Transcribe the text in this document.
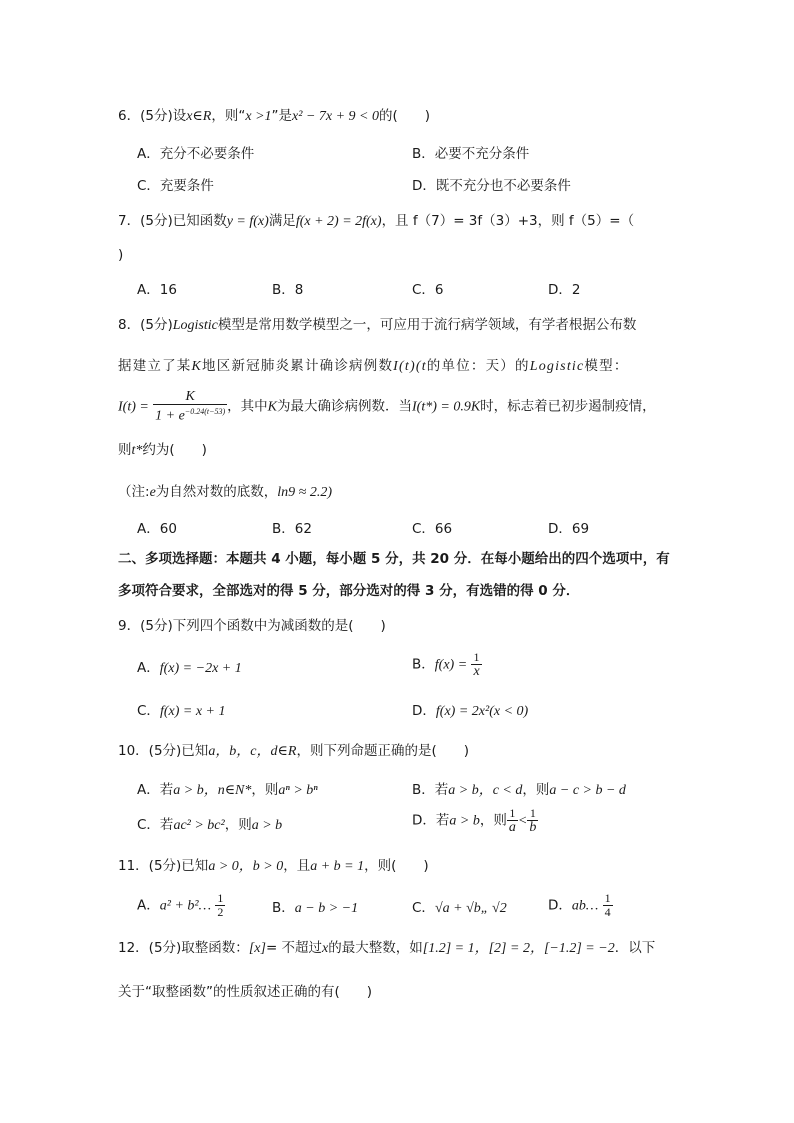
6．(5分)设x∈R，则“x >1”是x² − 7x + 9 < 0的(　　)
A．充分不必要条件	B．必要不充分条件
C．充要条件	D．既不充分也不必要条件
7．(5分)已知函数y = f(x)满足f(x + 2) = 2f(x)，且 f（7）= 3f（3）+3，则 f（5）=（
)
A．16	B．8	C．6	D．2
8．(5分)Logistic模型是常用数学模型之一，可应用于流行病学领域，有学者根据公布数
据建立了某K地区新冠肺炎累计确诊病例数I(t)(t的单位：天）的Logistic模型：
$I(t) = \frac{K}{1 + e^{-0.24(t-53)}}$ ，其中K为最大确诊病例数．当I(t*) = 0.9K时，标志着已初步遏制疫情，
则t*约为(　　)
（注:e为自然对数的底数，ln9 ≈ 2.2)
A．60	B．62	C．66	D．69
二、多项选择题：本题共 4 小题，每小题 5 分，共 20 分．在每小题给出的四个选项中，有
多项符合要求，全部选对的得 5 分，部分选对的得 3 分，有选错的得 0 分．
9．(5分)下列四个函数中为减函数的是(　　)
A．f(x) = −2x + 1	B．$f(x) = \frac{1}{x}$
C．f(x) = x + 1	D．f(x) = 2x²(x < 0)
10．(5分)已知a，b，c，d∈R，则下列命题正确的是(　　)
A．若a > b，n∈N*，则aⁿ > bⁿ	B．若a > b，c < d，则a − c > b − d
C．若ac² > bc²，则a > b	D．若a > b，则 $\frac{1}{a} < \frac{1}{b}$
11．(5分)已知a > 0，b > 0，且a + b = 1，则(　　)
A．a² + b²… $\frac{1}{2}$	B．a − b > −1	C．√a + √b„ √2	D．ab… $\frac{1}{4}$
12．(5分)取整函数：[x]= 不超过x的最大整数，如[1.2] = 1，[2] = 2，[−1.2] = −2．以下
关于“取整函数”的性质叙述正确的有(　　)
